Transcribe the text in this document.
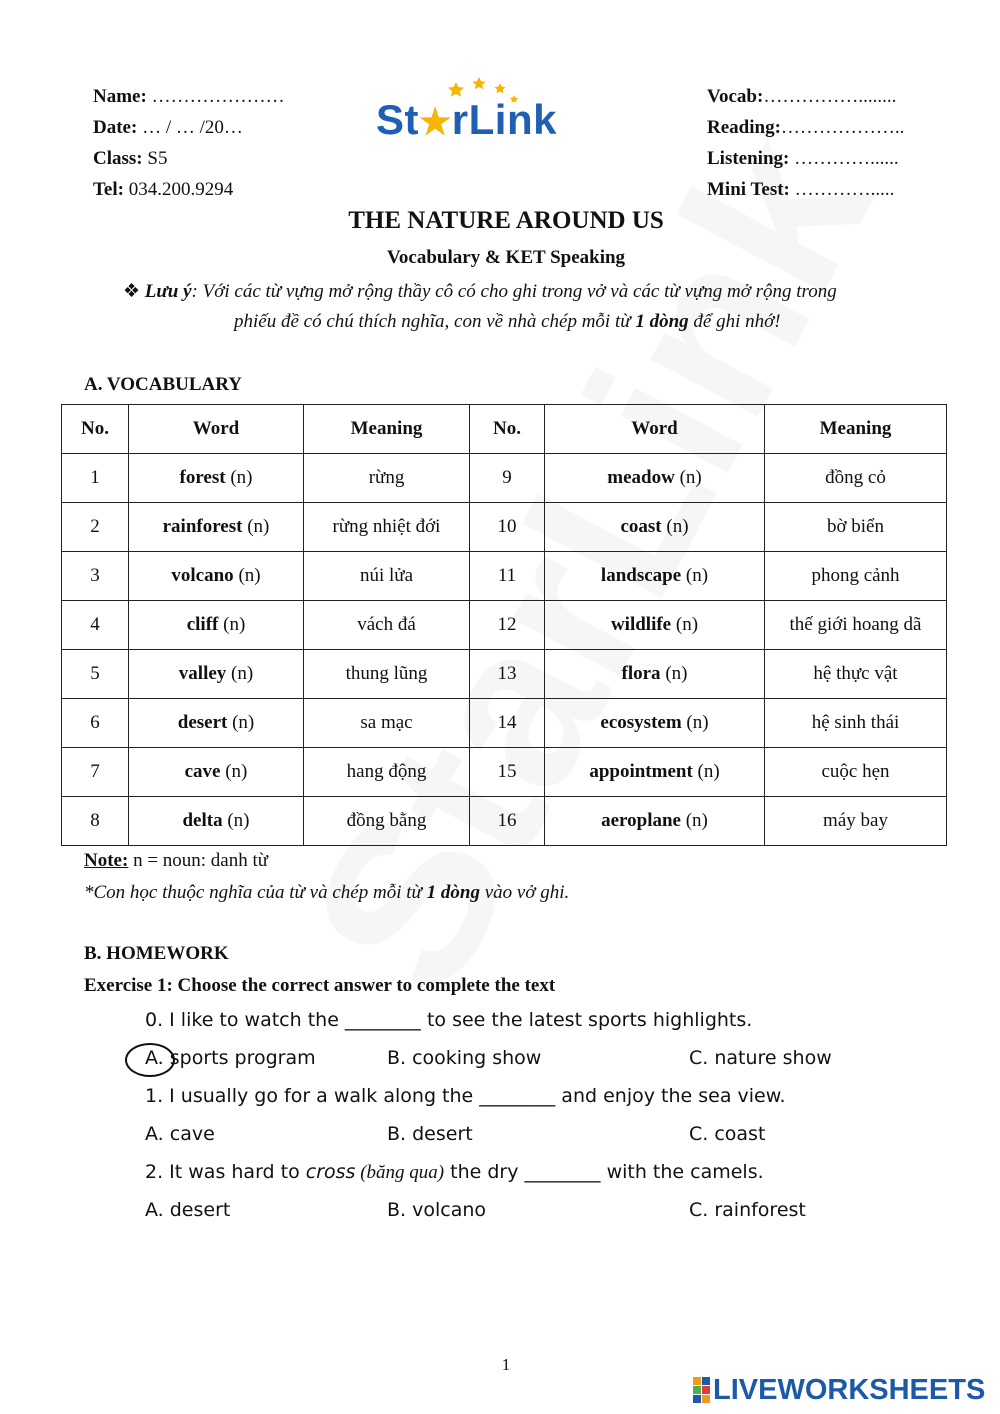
Name: …………………
Date: … / … /20…
Class: S5
Tel: 034.200.9294
St★rLink	Vocab:……………........
Reading:………………..
Listening: …………......
Mini Test: ………….....
THE NATURE AROUND US
Vocabulary & KET Speaking
❖ Lưu ý: Với các từ vựng mở rộng thầy cô có cho ghi trong vở và các từ vựng mở rộng trong
phiếu đề có chú thích nghĩa, con về nhà chép mỗi từ 1 dòng để ghi nhớ!
A. VOCABULARY
No.	Word	Meaning	No.	Word	Meaning
1	forest (n)	rừng	9	meadow (n)	đồng cỏ
2	rainforest (n)	rừng nhiệt đới	10	coast (n)	bờ biển
3	volcano (n)	núi lửa	11	landscape (n)	phong cảnh
4	cliff (n)	vách đá	12	wildlife (n)	thế giới hoang dã
5	valley (n)	thung lũng	13	flora (n)	hệ thực vật
6	desert (n)	sa mạc	14	ecosystem (n)	hệ sinh thái
7	cave (n)	hang động	15	appointment (n)	cuộc hẹn
8	delta (n)	đồng bằng	16	aeroplane (n)	máy bay
Note: n = noun: danh từ
*Con học thuộc nghĩa của từ và chép mỗi từ 1 dòng vào vở ghi.
B. HOMEWORK
Exercise 1: Choose the correct answer to complete the text
0. I like to watch the ________ to see the latest sports highlights.
A. sports program	B. cooking show	C. nature show
1. I usually go for a walk along the ________ and enjoy the sea view.
A. cave	B. desert	C. coast
2. It was hard to cross (băng qua) the dry ________ with the camels.
A. desert	B. volcano	C. rainforest
1
LIVEWORKSHEETS
